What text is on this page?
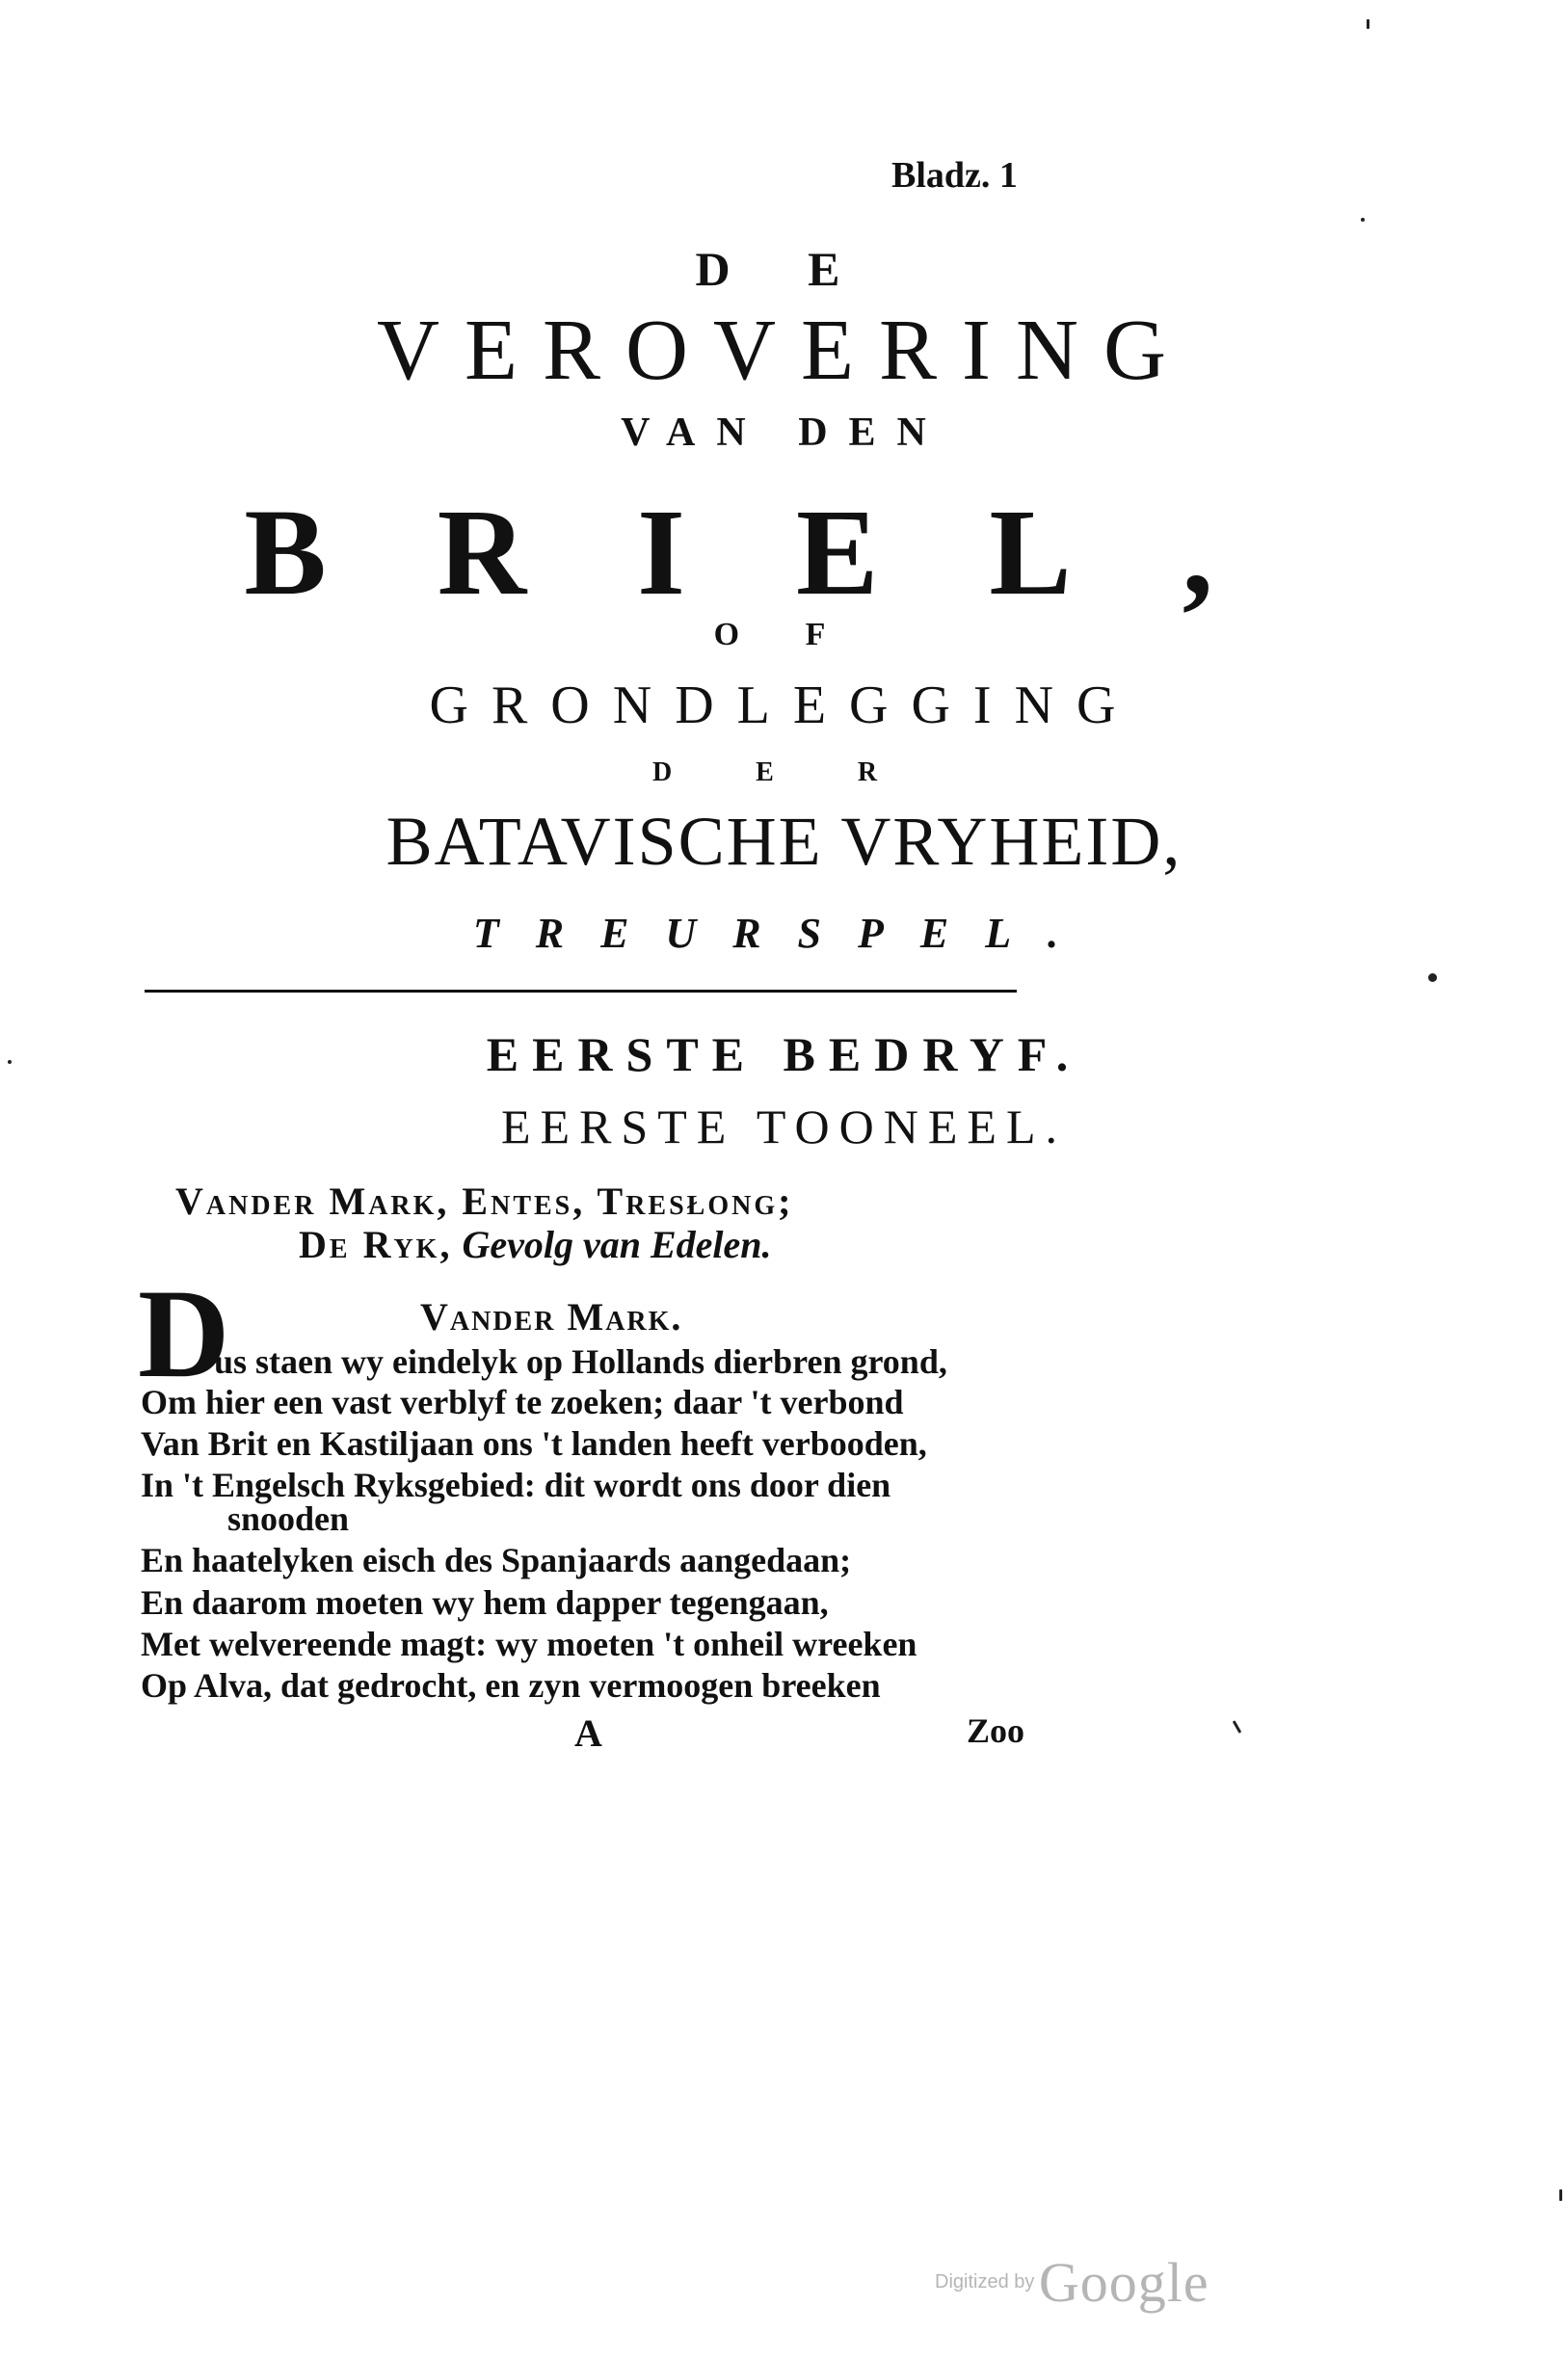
Bladz. 1
D E
VEROVERING
VAN DEN
BRIEL,
O F
GRONDLEGGING
D E R
BATAVISCHE VRYHEID,
TREURSPEL.
EERSTE BEDRYF.
EERSTE TOONEEL.
Vander Mark, Entes, Tresłong;
De Ryk, Gevolg van Edelen.
Vander Mark.
D
us staen wy eindelyk op Hollands dierbren grond,
Om hier een vast verblyf te zoeken; daar 't verbond
Van Brit en Kastiljaan ons 't landen heeft verbooden,
In 't Engelsch Ryksgebied: dit wordt ons door dien
snooden
En haatelyken eisch des Spanjaards aangedaan;
En daarom moeten wy hem dapper tegengaan,
Met welvereende magt: wy moeten 't onheil wreeken
Op Alva, dat gedrocht, en zyn vermoogen breeken
A	Zoo
Digitized by Google
